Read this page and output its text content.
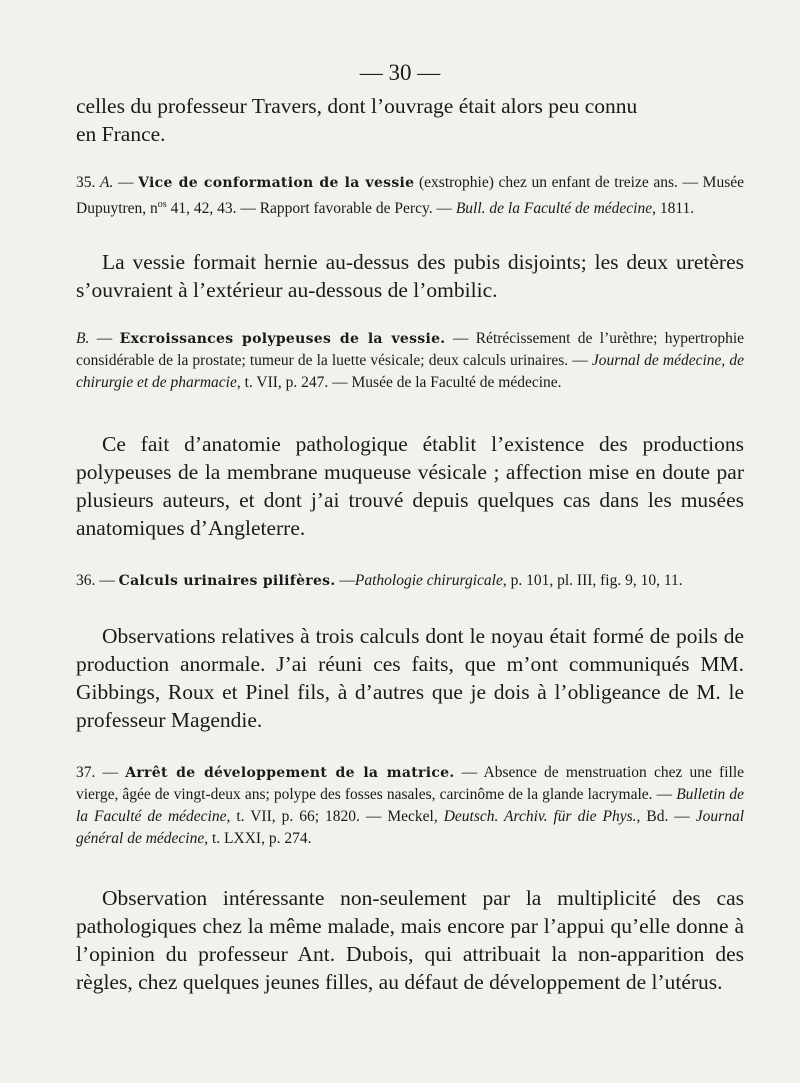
— 30 —

celles du professeur Travers, dont l’ouvrage était alors peu connu
en France.

35. A. — Vice de conformation de la vessie (exstrophie) chez un enfant de treize ans. — Musée Dupuytren, $n^{os}$ 41, 42, 43. — Rapport favorable de Percy. — Bull. de la Faculté de médecine, 1811.

La vessie formait hernie au-dessus des pubis disjoints; les deux uretères s’ouvraient à l’extérieur au-dessous de l’ombilic.

B. — Excroissances polypeuses de la vessie. — Rétrécissement de l’urèthre; hypertrophie considérable de la prostate; tumeur de la luette vésicale; deux calculs urinaires. — Journal de médecine, de chirurgie et de pharmacie, t. VII, p. 247. — Musée de la Faculté de médecine.

Ce fait d’anatomie pathologique établit l’existence des productions polypeuses de la membrane muqueuse vésicale ; affection mise en doute par plusieurs auteurs, et dont j’ai trouvé depuis quelques cas dans les musées anatomiques d’Angleterre.

36. — Calculs urinaires pilifères. —Pathologie chirurgicale, p. 101, pl. III, fig. 9, 10, 11.

Observations relatives à trois calculs dont le noyau était formé de poils de production anormale. J’ai réuni ces faits, que m’ont communiqués MM. Gibbings, Roux et Pinel fils, à d’autres que je dois à l’obligeance de M. le professeur Magendie.

37. — Arrêt de développement de la matrice. — Absence de menstruation chez une fille vierge, âgée de vingt-deux ans; polype des fosses nasales, carcinôme de la glande lacrymale. — Bulletin de la Faculté de médecine, t. VII, p. 66; 1820. — Meckel, Deutsch. Archiv. für die Phys., Bd. — Journal général de médecine, t. LXXI, p. 274.

Observation intéressante non-seulement par la multiplicité des cas pathologiques chez la même malade, mais encore par l’appui qu’elle donne à l’opinion du professeur Ant. Dubois, qui attribuait la non-apparition des règles, chez quelques jeunes filles, au défaut de développement de l’utérus.
